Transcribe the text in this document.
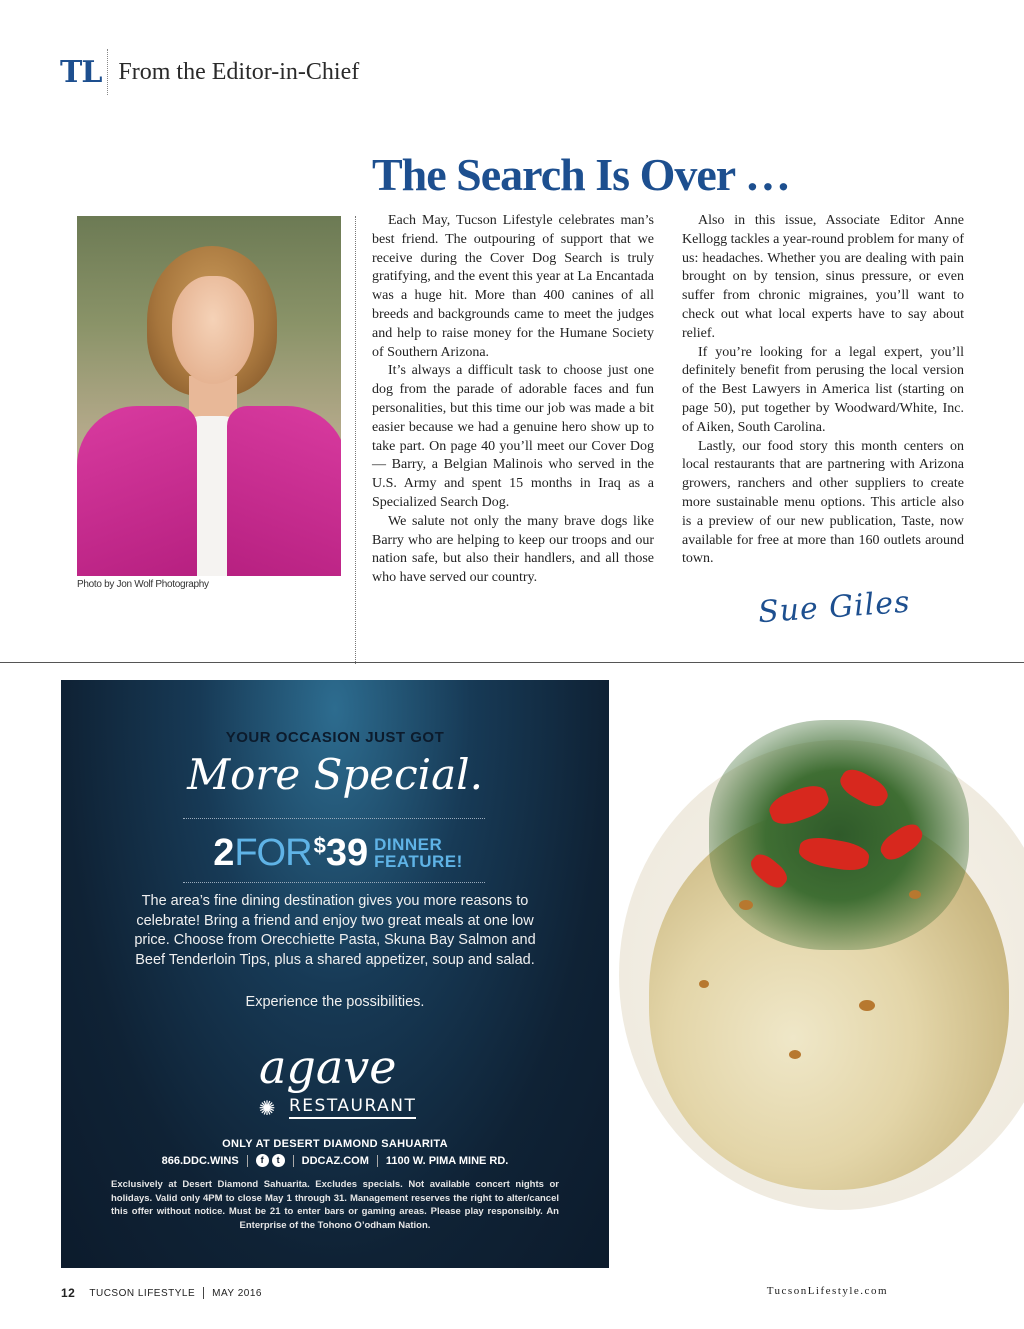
TL From the Editor-in-Chief
The Search Is Over …
Photo by Jon Wolf Photography

Each May, Tucson Lifestyle celebrates man’s best friend. The outpouring of support that we receive during the Cover Dog Search is truly gratifying, and the event this year at La Encantada was a huge hit. More than 400 canines of all breeds and backgrounds came to meet the judges and help to raise money for the Humane Society of Southern Arizona.

It’s always a difficult task to choose just one dog from the parade of adorable faces and fun personalities, but this time our job was made a bit easier because we had a genuine hero show up to take part. On page 40 you’ll meet our Cover Dog — Barry, a Belgian Malinois who served in the U.S. Army and spent 15 months in Iraq as a Specialized Search Dog.

We salute not only the many brave dogs like Barry who are helping to keep our troops and our nation safe, but also their handlers, and all those who have served our country.

Also in this issue, Associate Editor Anne Kellogg tackles a year-round problem for many of us: headaches. Whether you are dealing with pain brought on by tension, sinus pressure, or even suffer from chronic migraines, you’ll want to check out what local experts have to say about relief.

If you’re looking for a legal expert, you’ll definitely benefit from perusing the local version of the Best Lawyers in America list (starting on page 50), put together by Woodward/White, Inc. of Aiken, South Carolina.

Lastly, our food story this month centers on local restaurants that are partnering with Arizona growers, ranchers and other suppliers to create more sustainable menu options. This article also is a preview of our new publication, Taste, now available for free at more than 160 outlets around town.

Sue Giles
YOUR OCCASION JUST GOT
More Special.
2 FOR $39 DINNER
FEATURE!
The area’s fine dining destination gives you more reasons to celebrate! Bring a friend and enjoy two great meals at one low price. Choose from Orecchiette Pasta, Skuna Bay Salmon and Beef Tenderloin Tips, plus a shared appetizer, soup and salad.
Experience the possibilities.
agave
✺ RESTAURANT
ONLY AT DESERT DIAMOND SAHUARITA
866.DDC.WINS	f	t	DDCAZ.COM 1100 W. PIMA MINE RD.
Exclusively at Desert Diamond Sahuarita. Excludes specials. Not available concert nights or holidays. Valid only 4PM to close May 1 through 31. Management reserves the right to alter/cancel this offer without notice. Must be 21 to enter bars or gaming areas. Please play responsibly. An Enterprise of the Tohono O’odham Nation.
12 TUCSON LIFESTYLE MAY 2016	TucsonLifestyle.com
